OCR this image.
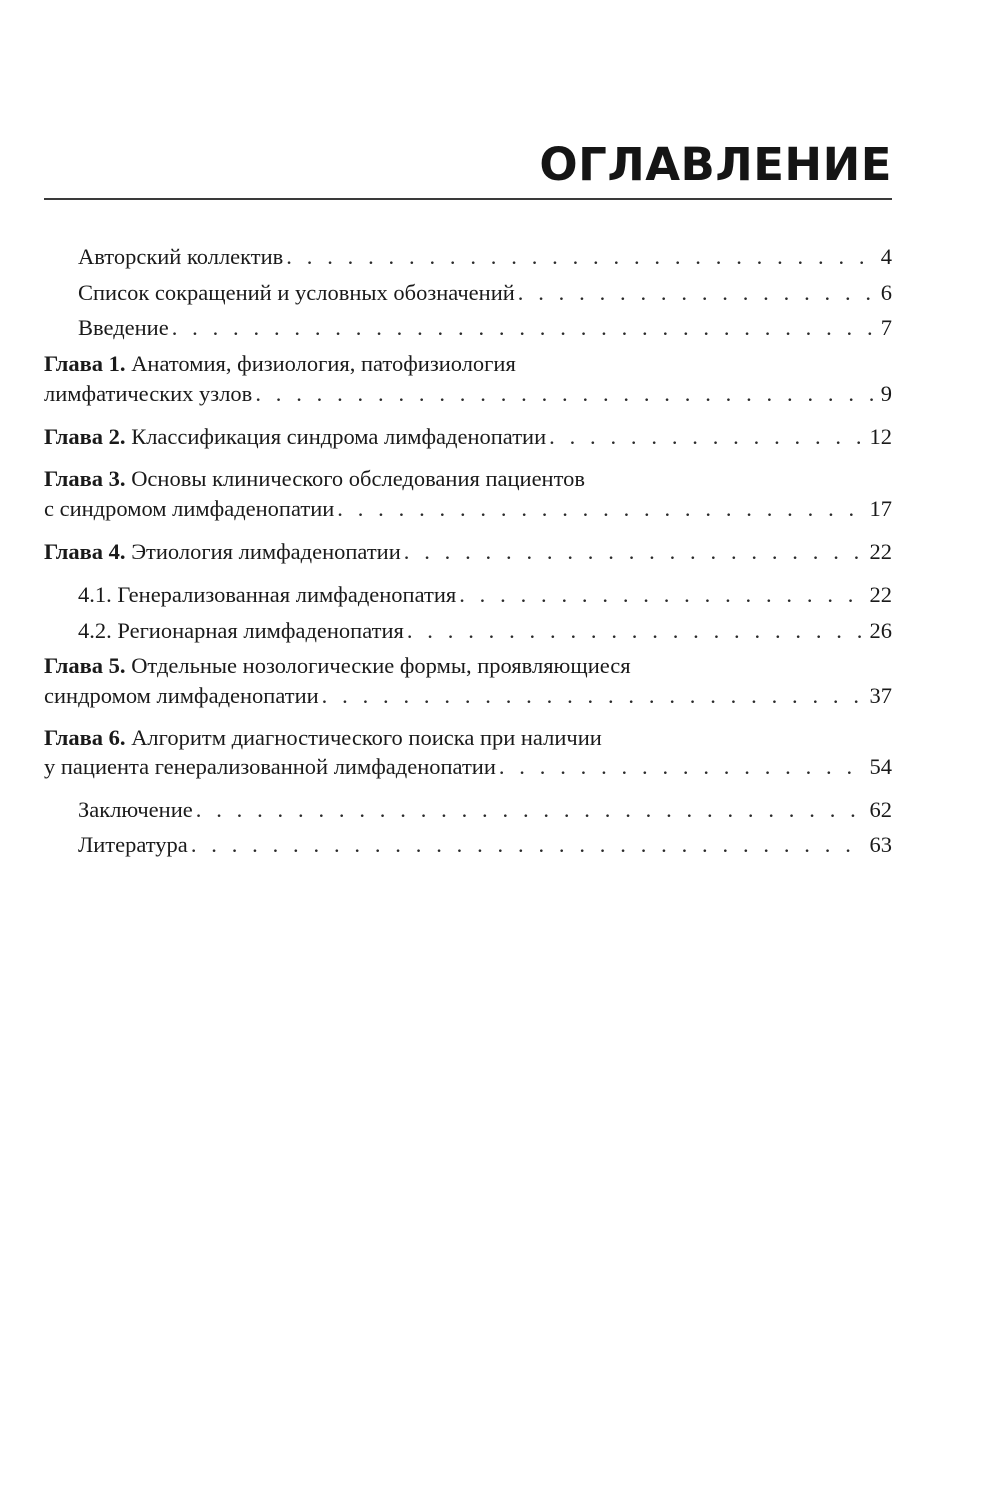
ОГЛАВЛЕНИЕ
Авторский коллектив . . .	4
Список сокращений и условных обозначений . . .	6
Введение . . .	7
Глава 1. Анатомия, физиология, патофизиология
лимфатических узлов . . .	9
Глава 2. Классификация синдрома лимфаденопатии . . .	12
Глава 3. Основы клинического обследования пациентов
с синдромом лимфаденопатии . . .	17
Глава 4. Этиология лимфаденопатии . . .	22
4.1. Генерализованная лимфаденопатия . . .	22
4.2. Регионарная лимфаденопатия . . .	26
Глава 5. Отдельные нозологические формы, проявляющиеся
синдромом лимфаденопатии . . .	37
Глава 6. Алгоритм диагностического поиска при наличии
у пациента генерализованной лимфаденопатии . . .	54
Заключение . . .	62
Литература . . .	63
